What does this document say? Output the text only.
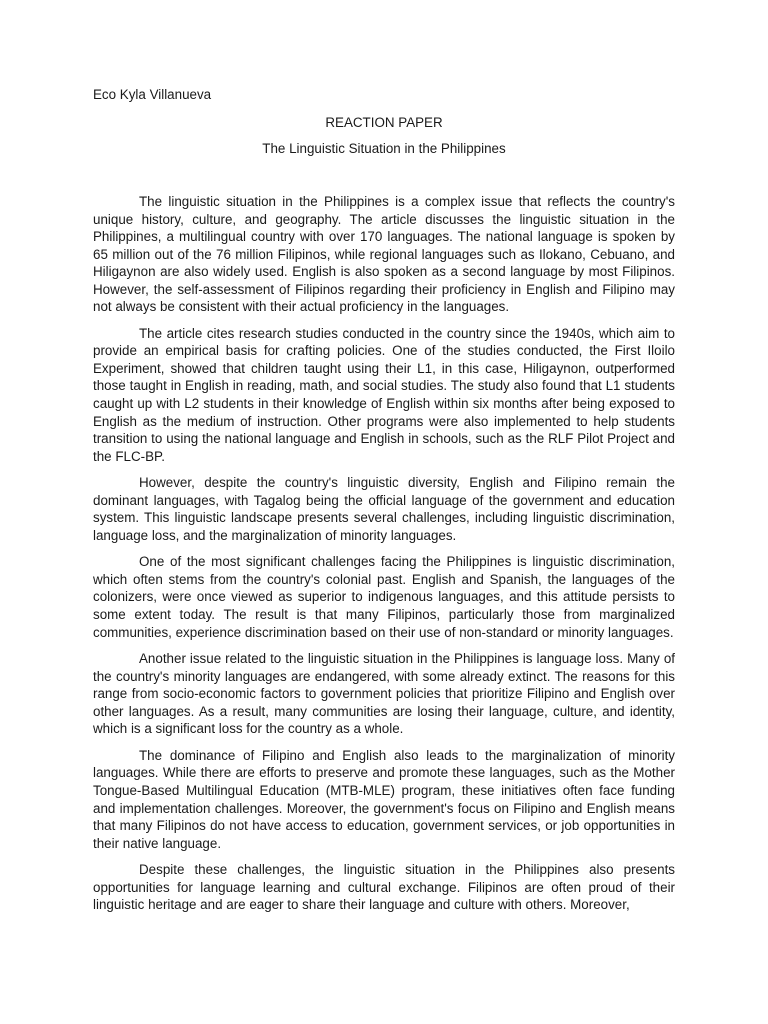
Eco Kyla Villanueva

REACTION PAPER

The Linguistic Situation in the Philippines

The linguistic situation in the Philippines is a complex issue that reflects the country's unique history, culture, and geography. The article discusses the linguistic situation in the Philippines, a multilingual country with over 170 languages. The national language is spoken by 65 million out of the 76 million Filipinos, while regional languages such as Ilokano, Cebuano, and Hiligaynon are also widely used. English is also spoken as a second language by most Filipinos. However, the self-assessment of Filipinos regarding their proficiency in English and Filipino may not always be consistent with their actual proficiency in the languages.

The article cites research studies conducted in the country since the 1940s, which aim to provide an empirical basis for crafting policies. One of the studies conducted, the First Iloilo Experiment, showed that children taught using their L1, in this case, Hiligaynon, outperformed those taught in English in reading, math, and social studies. The study also found that L1 students caught up with L2 students in their knowledge of English within six months after being exposed to English as the medium of instruction. Other programs were also implemented to help students transition to using the national language and English in schools, such as the RLF Pilot Project and the FLC-BP.

However, despite the country's linguistic diversity, English and Filipino remain the dominant languages, with Tagalog being the official language of the government and education system. This linguistic landscape presents several challenges, including linguistic discrimination, language loss, and the marginalization of minority languages.

One of the most significant challenges facing the Philippines is linguistic discrimination, which often stems from the country's colonial past. English and Spanish, the languages of the colonizers, were once viewed as superior to indigenous languages, and this attitude persists to some extent today. The result is that many Filipinos, particularly those from marginalized communities, experience discrimination based on their use of non-standard or minority languages.

Another issue related to the linguistic situation in the Philippines is language loss. Many of the country's minority languages are endangered, with some already extinct. The reasons for this range from socio-economic factors to government policies that prioritize Filipino and English over other languages. As a result, many communities are losing their language, culture, and identity, which is a significant loss for the country as a whole.

The dominance of Filipino and English also leads to the marginalization of minority languages. While there are efforts to preserve and promote these languages, such as the Mother Tongue-Based Multilingual Education (MTB-MLE) program, these initiatives often face funding and implementation challenges. Moreover, the government's focus on Filipino and English means that many Filipinos do not have access to education, government services, or job opportunities in their native language.

Despite these challenges, the linguistic situation in the Philippines also presents opportunities for language learning and cultural exchange. Filipinos are often proud of their linguistic heritage and are eager to share their language and culture with others. Moreover,
